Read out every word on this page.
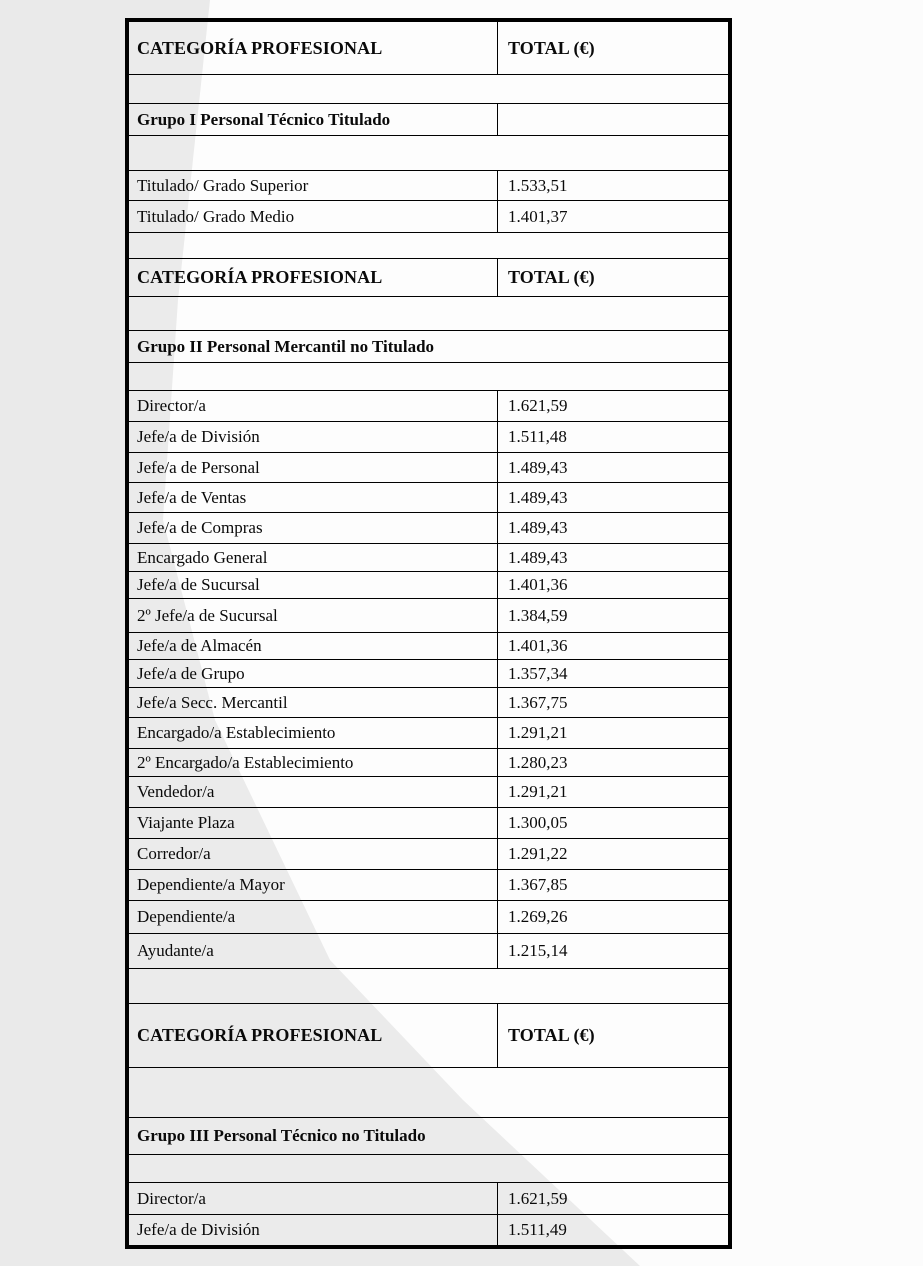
CATEGORÍA PROFESIONAL	TOTAL (€)
Grupo I Personal Técnico Titulado
Titulado/ Grado Superior	1.533,51
Titulado/ Grado Medio	1.401,37
CATEGORÍA PROFESIONAL	TOTAL (€)
Grupo II Personal Mercantil no Titulado
Director/a	1.621,59
Jefe/a de División	1.511,48
Jefe/a de Personal	1.489,43
Jefe/a de Ventas	1.489,43
Jefe/a de Compras	1.489,43
Encargado General	1.489,43
Jefe/a de Sucursal	1.401,36
2º Jefe/a de Sucursal	1.384,59
Jefe/a de Almacén	1.401,36
Jefe/a de Grupo	1.357,34
Jefe/a Secc. Mercantil	1.367,75
Encargado/a Establecimiento	1.291,21
2º Encargado/a Establecimiento	1.280,23
Vendedor/a	1.291,21
Viajante Plaza	1.300,05
Corredor/a	1.291,22
Dependiente/a Mayor	1.367,85
Dependiente/a	1.269,26
Ayudante/a	1.215,14
CATEGORÍA PROFESIONAL	TOTAL (€)
Grupo III Personal Técnico no Titulado
Director/a	1.621,59
Jefe/a de División	1.511,49
